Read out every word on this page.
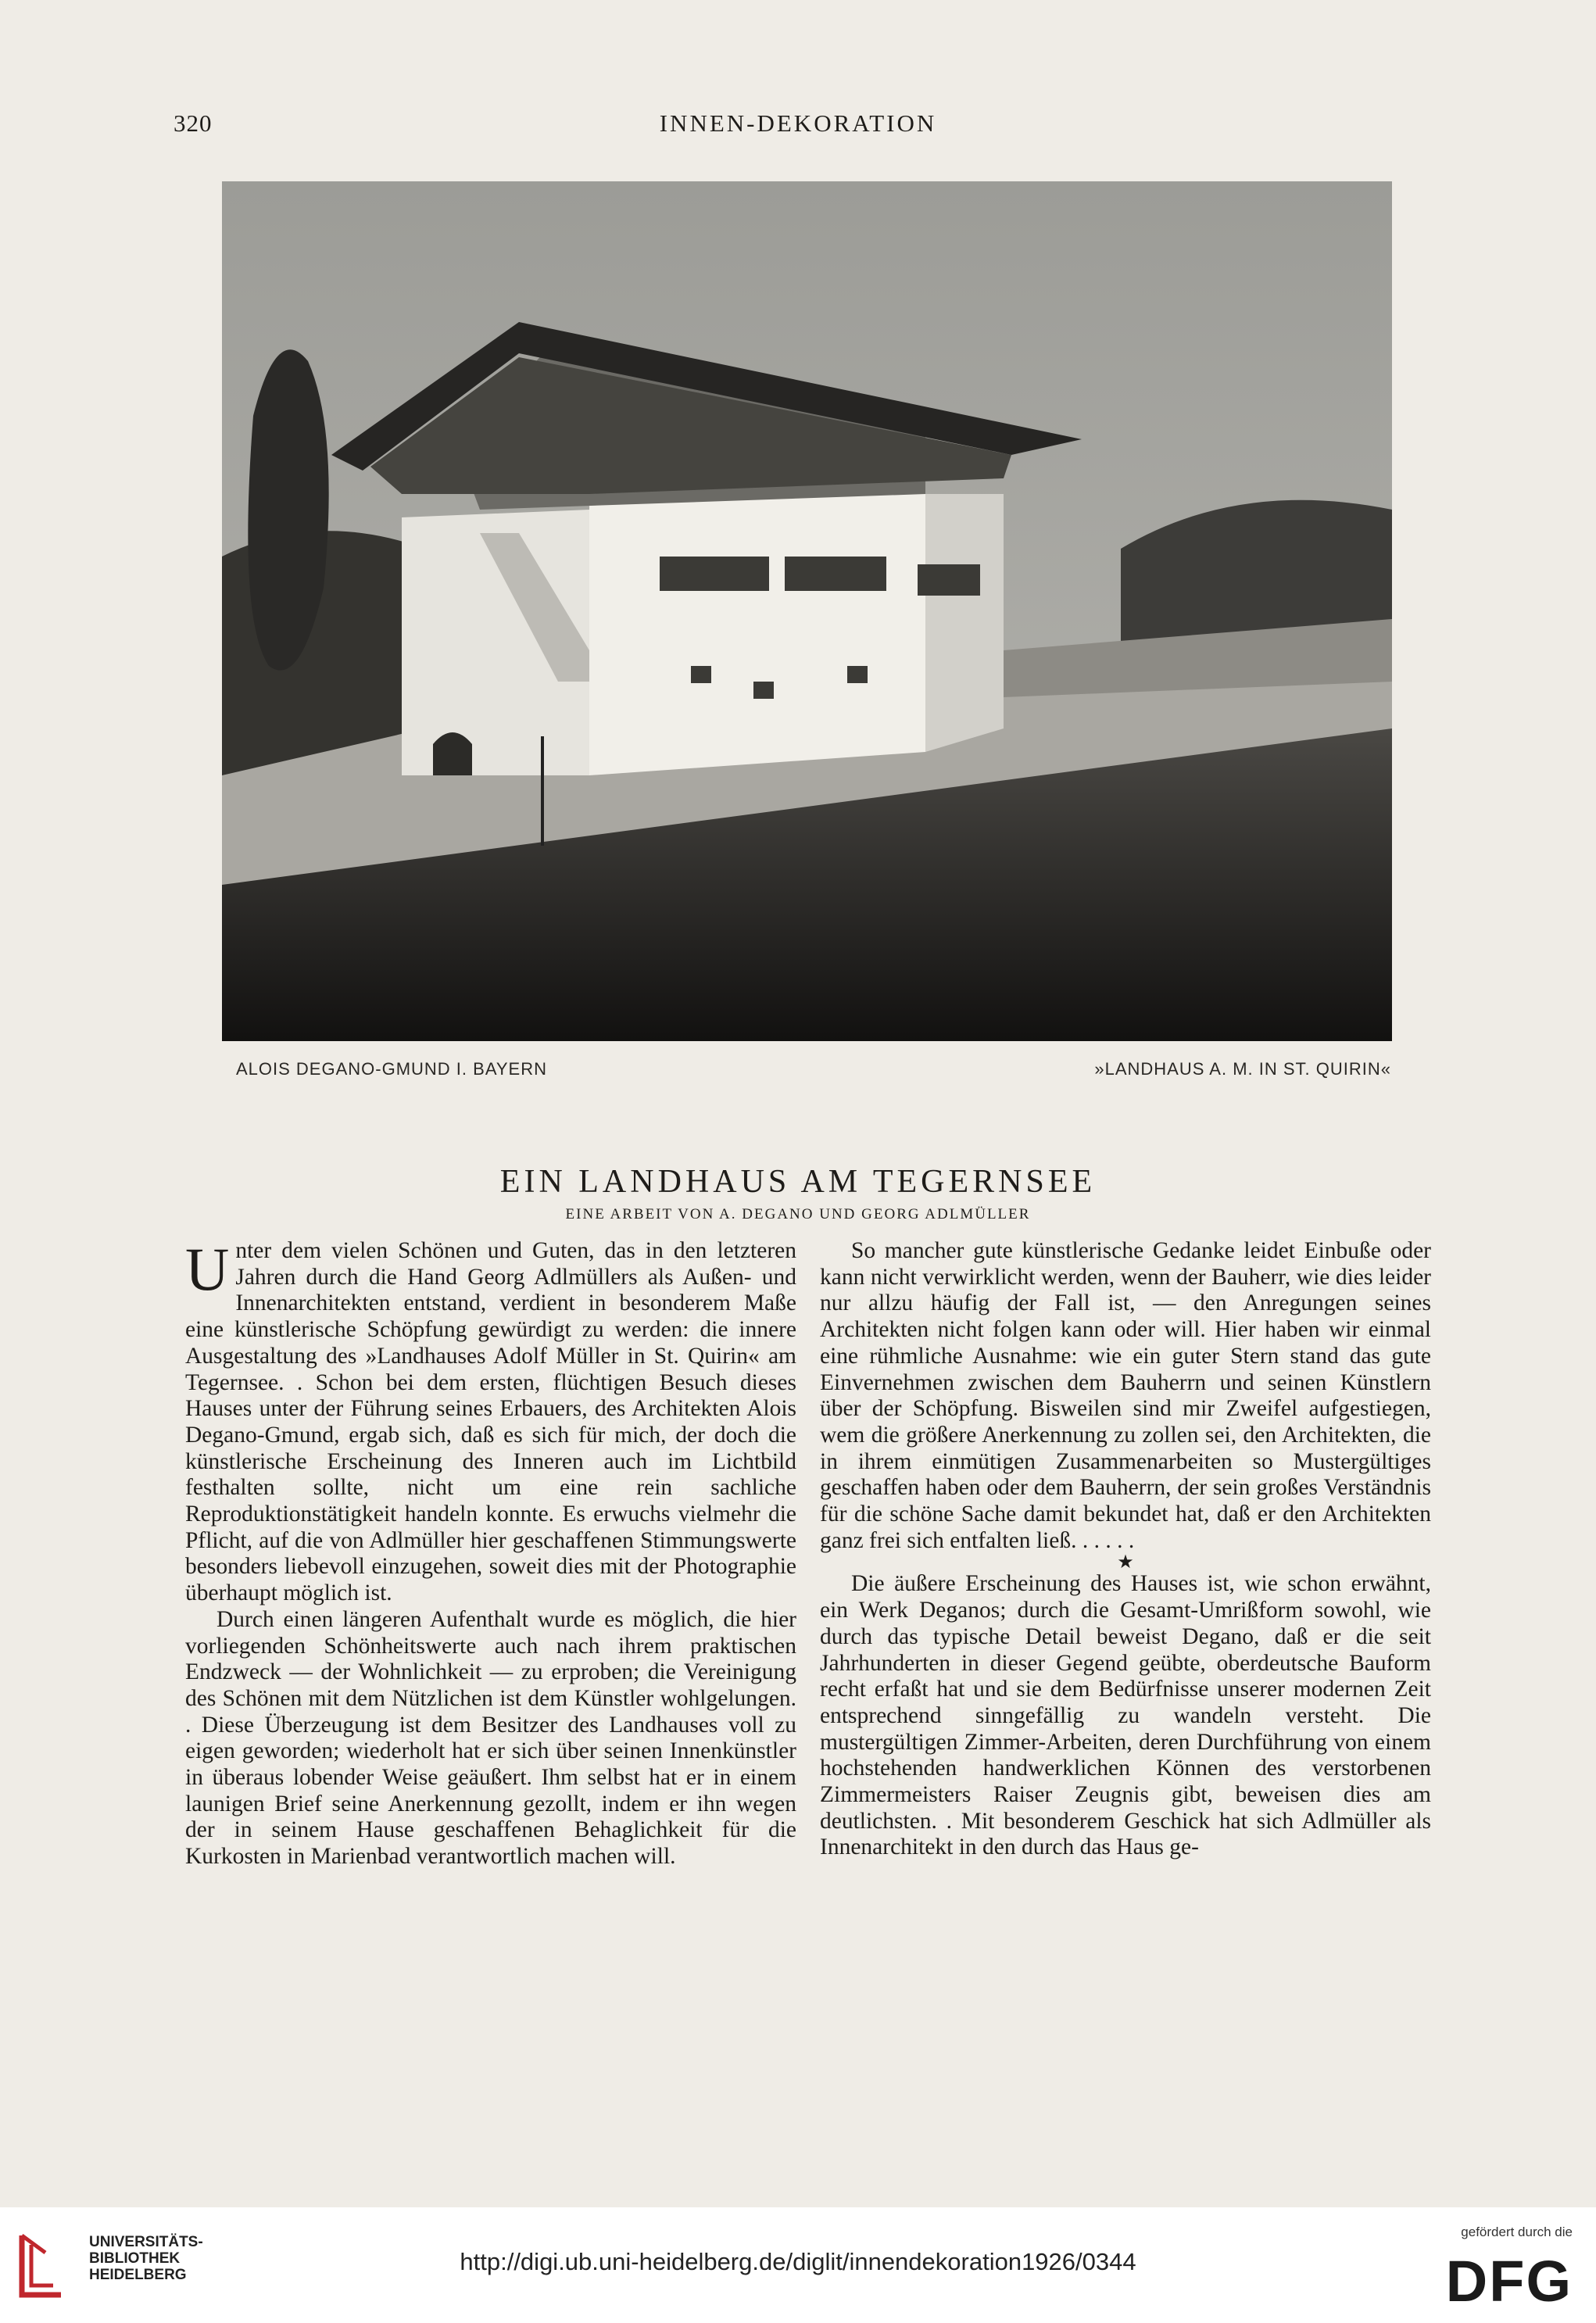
320	INNEN-DEKORATION
ALOIS DEGANO-GMUND I. BAYERN	»LANDHAUS A. M. IN ST. QUIRIN«
EIN LANDHAUS AM TEGERNSEE
EINE ARBEIT VON A. DEGANO UND GEORG ADLMÜLLER

Unter dem vielen Schönen und Guten, das in den letzteren Jahren durch die Hand Georg Adlmüllers als Außen- und Innenarchitekten entstand, verdient in besonderem Maße eine künstlerische Schöpfung gewürdigt zu werden: die innere Ausgestaltung des »Landhauses Adolf Müller in St. Quirin« am Tegernsee. . Schon bei dem ersten, flüchtigen Besuch dieses Hauses unter der Führung seines Erbauers, des Architekten Alois Degano-Gmund, ergab sich, daß es sich für mich, der doch die künstlerische Erscheinung des Inneren auch im Lichtbild festhalten sollte, nicht um eine rein sachliche Reproduktionstätigkeit handeln konnte. Es erwuchs vielmehr die Pflicht, auf die von Adlmüller hier geschaffenen Stimmungswerte besonders liebevoll einzugehen, soweit dies mit der Photographie überhaupt möglich ist.

Durch einen längeren Aufenthalt wurde es möglich, die hier vorliegenden Schönheitswerte auch nach ihrem praktischen Endzweck — der Wohnlichkeit — zu erproben; die Vereinigung des Schönen mit dem Nützlichen ist dem Künstler wohlgelungen. . Diese Überzeugung ist dem Besitzer des Landhauses voll zu eigen geworden; wiederholt hat er sich über seinen Innenkünstler in überaus lobender Weise geäußert. Ihm selbst hat er in einem launigen Brief seine Anerkennung gezollt, indem er ihn wegen der in seinem Hause geschaffenen Behaglichkeit für die Kurkosten in Marienbad verantwortlich machen will.

So mancher gute künstlerische Gedanke leidet Einbuße oder kann nicht verwirklicht werden, wenn der Bauherr, wie dies leider nur allzu häufig der Fall ist, — den Anregungen seines Architekten nicht folgen kann oder will. Hier haben wir einmal eine rühmliche Ausnahme: wie ein guter Stern stand das gute Einvernehmen zwischen dem Bauherrn und seinen Künstlern über der Schöpfung. Bisweilen sind mir Zweifel aufgestiegen, wem die größere Anerkennung zu zollen sei, den Architekten, die in ihrem einmütigen Zusammenarbeiten so Mustergültiges geschaffen haben oder dem Bauherrn, der sein großes Verständnis für die schöne Sache damit bekundet hat, daß er den Architekten ganz frei sich entfalten ließ. . . . . .

★

Die äußere Erscheinung des Hauses ist, wie schon erwähnt, ein Werk Deganos; durch die Gesamt-Umrißform sowohl, wie durch das typische Detail beweist Degano, daß er die seit Jahrhunderten in dieser Gegend geübte, oberdeutsche Bauform recht erfaßt hat und sie dem Bedürfnisse unserer modernen Zeit entsprechend sinngefällig zu wandeln versteht. Die mustergültigen Zimmer-Arbeiten, deren Durchführung von einem hochstehenden handwerklichen Können des verstorbenen Zimmermeisters Raiser Zeugnis gibt, beweisen dies am deutlichsten. . Mit besonderem Geschick hat sich Adlmüller als Innenarchitekt in den durch das Haus ge-

UNIVERSITÄTS-
BIBLIOTHEK
HEIDELBERG	http://digi.ub.uni-heidelberg.de/diglit/innendekoration1926/0344
gefördert durch die
DFG
